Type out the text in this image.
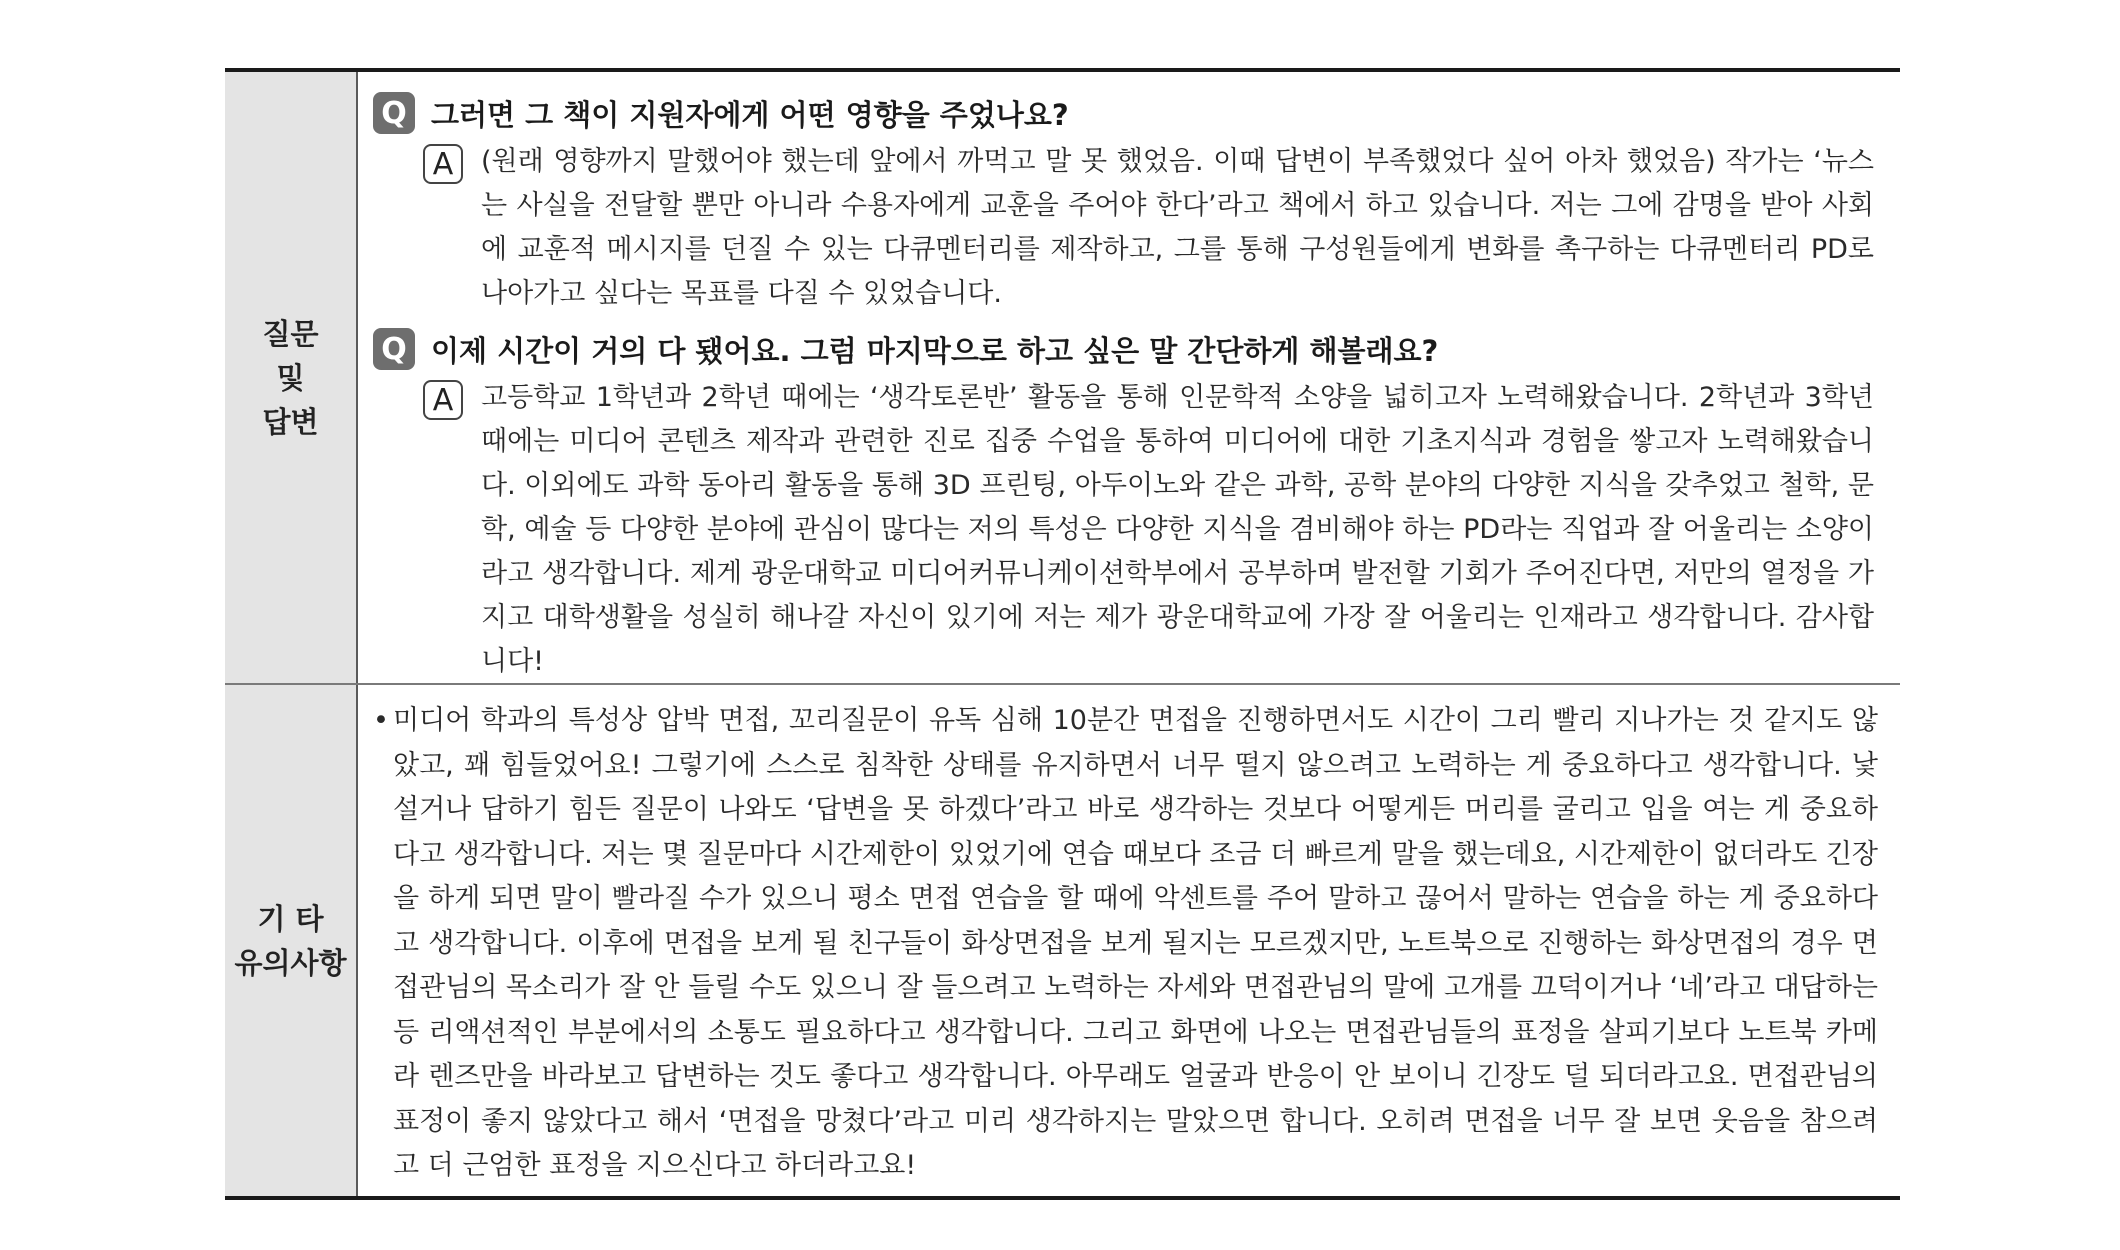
질문
및
답변
Q 그러면 그 책이 지원자에게 어떤 영향을 주었나요?
A	(원래 영향까지 말했어야 했는데 앞에서 까먹고 말 못 했었음. 이때 답변이 부족했었다 싶어 아차 했었음) 작가는 ‘뉴스는 사실을 전달할 뿐만 아니라 수용자에게 교훈을 주어야 한다’라고 책에서 하고 있습니다. 저는 그에 감명을 받아 사회에 교훈적 메시지를 던질 수 있는 다큐멘터리를 제작하고, 그를 통해 구성원들에게 변화를 촉구하는 다큐멘터리 PD로 나아가고 싶다는 목표를 다질 수 있었습니다.
Q 이제 시간이 거의 다 됐어요. 그럼 마지막으로 하고 싶은 말 간단하게 해볼래요?
A	고등학교 1학년과 2학년 때에는 ‘생각토론반’ 활동을 통해 인문학적 소양을 넓히고자 노력해왔습니다. 2학년과 3학년 때에는 미디어 콘텐츠 제작과 관련한 진로 집중 수업을 통하여 미디어에 대한 기초지식과 경험을 쌓고자 노력해왔습니다. 이외에도 과학 동아리 활동을 통해 3D 프린팅, 아두이노와 같은 과학, 공학 분야의 다양한 지식을 갖추었고 철학, 문학, 예술 등 다양한 분야에 관심이 많다는 저의 특성은 다양한 지식을 겸비해야 하는 PD라는 직업과 잘 어울리는 소양이라고 생각합니다. 제게 광운대학교 미디어커뮤니케이션학부에서 공부하며 발전할 기회가 주어진다면, 저만의 열정을 가지고 대학생활을 성실히 해나갈 자신이 있기에 저는 제가 광운대학교에 가장 잘 어울리는 인재라고 생각합니다. 감사합니다!
기 타
유의사항
• 미디어 학과의 특성상 압박 면접, 꼬리질문이 유독 심해 10분간 면접을 진행하면서도 시간이 그리 빨리 지나가는 것 같지도 않았고, 꽤 힘들었어요! 그렇기에 스스로 침착한 상태를 유지하면서 너무 떨지 않으려고 노력하는 게 중요하다고 생각합니다. 낯설거나 답하기 힘든 질문이 나와도 ‘답변을 못 하겠다’라고 바로 생각하는 것보다 어떻게든 머리를 굴리고 입을 여는 게 중요하다고 생각합니다. 저는 몇 질문마다 시간제한이 있었기에 연습 때보다 조금 더 빠르게 말을 했는데요, 시간제한이 없더라도 긴장을 하게 되면 말이 빨라질 수가 있으니 평소 면접 연습을 할 때에 악센트를 주어 말하고 끊어서 말하는 연습을 하는 게 중요하다고 생각합니다. 이후에 면접을 보게 될 친구들이 화상면접을 보게 될지는 모르겠지만, 노트북으로 진행하는 화상면접의 경우 면접관님의 목소리가 잘 안 들릴 수도 있으니 잘 들으려고 노력하는 자세와 면접관님의 말에 고개를 끄덕이거나 ‘네’라고 대답하는 등 리액션적인 부분에서의 소통도 필요하다고 생각합니다. 그리고 화면에 나오는 면접관님들의 표정을 살피기보다 노트북 카메라 렌즈만을 바라보고 답변하는 것도 좋다고 생각합니다. 아무래도 얼굴과 반응이 안 보이니 긴장도 덜 되더라고요. 면접관님의 표정이 좋지 않았다고 해서 ‘면접을 망쳤다’라고 미리 생각하지는 말았으면 합니다. 오히려 면접을 너무 잘 보면 웃음을 참으려고 더 근엄한 표정을 지으신다고 하더라고요!
